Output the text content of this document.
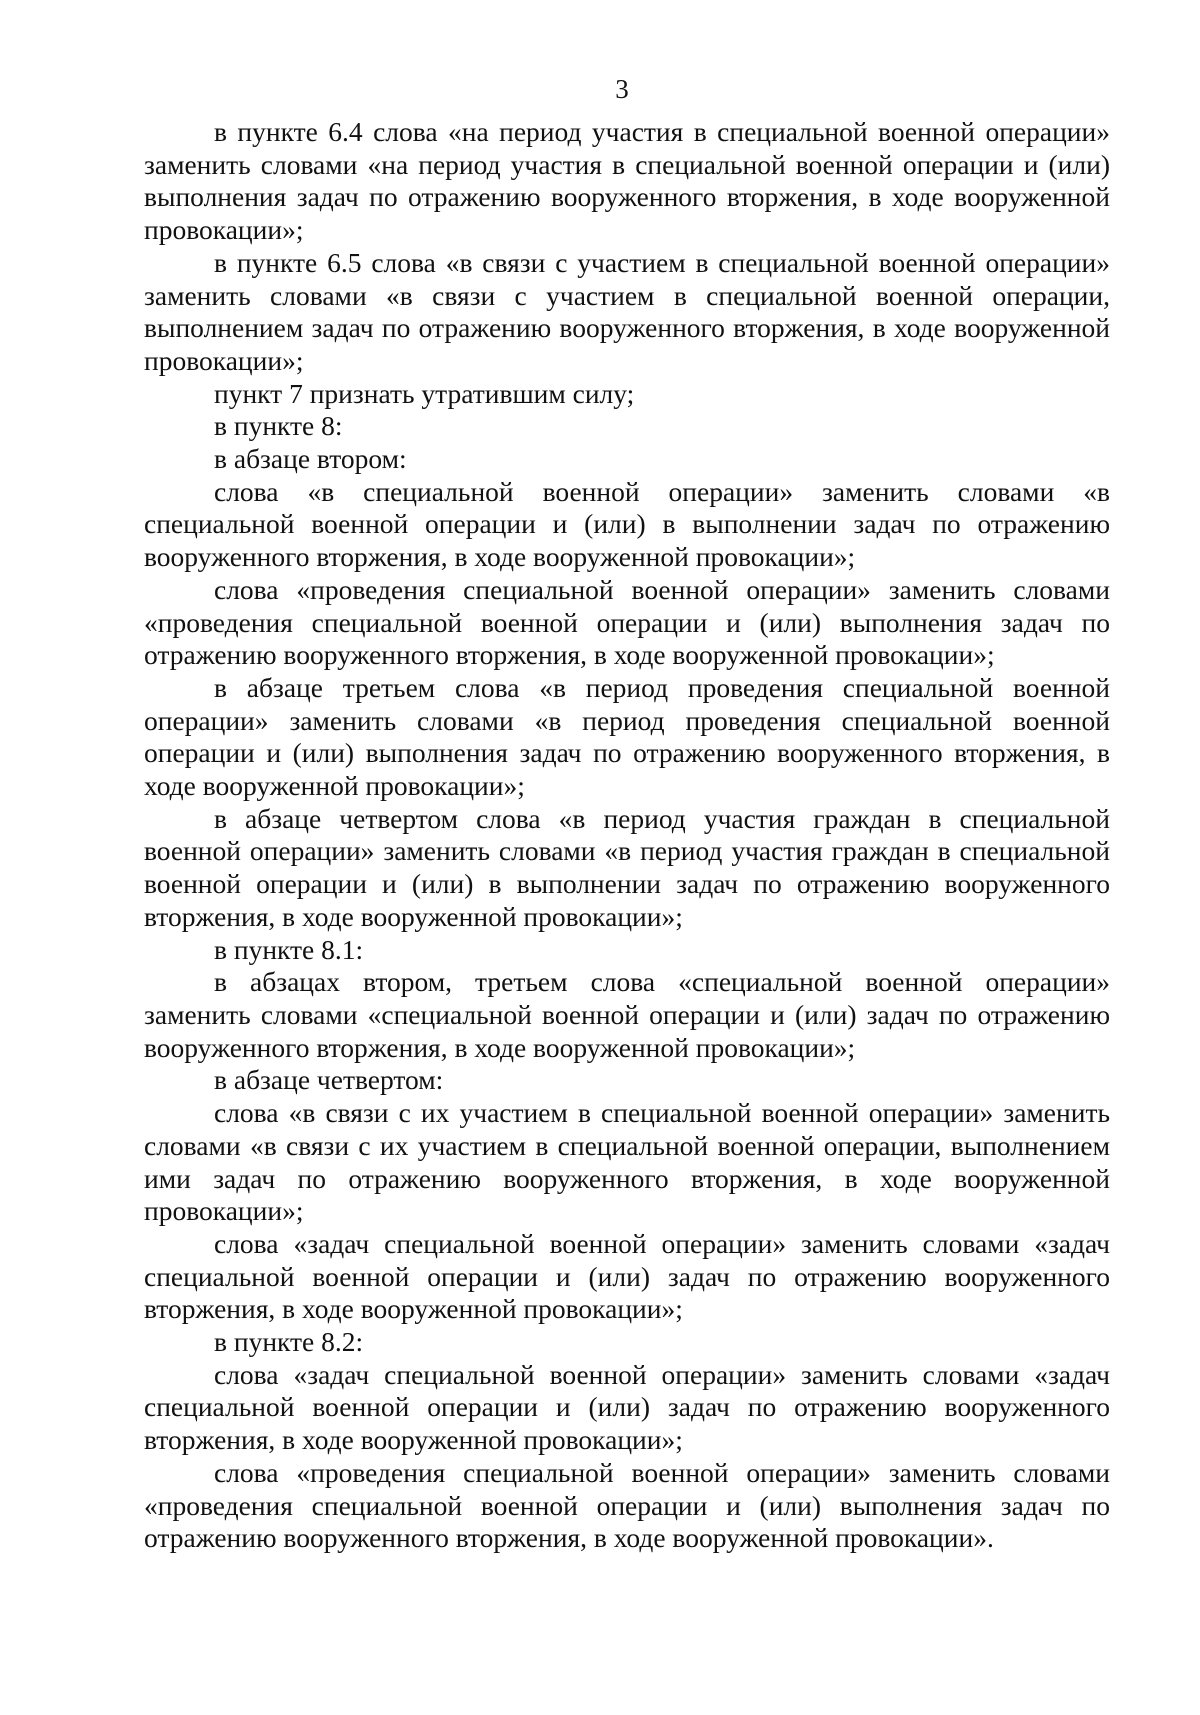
3

в пункте 6.4 слова «на период участия в специальной военной операции» заменить словами «на период участия в специальной военной операции и (или) выполнения задач по отражению вооруженного вторжения, в ходе вооруженной провокации»;

в пункте 6.5 слова «в связи с участием в специальной военной операции» заменить словами «в связи с участием в специальной военной операции, выполнением задач по отражению вооруженного вторжения, в ходе вооруженной провокации»;

пункт 7 признать утратившим силу;

в пункте 8:

в абзаце втором:

слова «в специальной военной операции» заменить словами «в специальной военной операции и (или) в выполнении задач по отражению вооруженного вторжения, в ходе вооруженной провокации»;

слова «проведения специальной военной операции» заменить словами «проведения специальной военной операции и (или) выполнения задач по отражению вооруженного вторжения, в ходе вооруженной провокации»;

в абзаце третьем слова «в период проведения специальной военной операции» заменить словами «в период проведения специальной военной операции и (или) выполнения задач по отражению вооруженного вторжения, в ходе вооруженной провокации»;

в абзаце четвертом слова «в период участия граждан в специальной военной операции» заменить словами «в период участия граждан в специальной военной операции и (или) в выполнении задач по отражению вооруженного вторжения, в ходе вооруженной провокации»;

в пункте 8.1:

в абзацах втором, третьем слова «специальной военной операции» заменить словами «специальной военной операции и (или) задач по отражению вооруженного вторжения, в ходе вооруженной провокации»;

в абзаце четвертом:

слова «в связи с их участием в специальной военной операции» заменить словами «в связи с их участием в специальной военной операции, выполнением ими задач по отражению вооруженного вторжения, в ходе вооруженной провокации»;

слова «задач специальной военной операции» заменить словами «задач специальной военной операции и (или) задач по отражению вооруженного вторжения, в ходе вооруженной провокации»;

в пункте 8.2:

слова «задач специальной военной операции» заменить словами «задач специальной военной операции и (или) задач по отражению вооруженного вторжения, в ходе вооруженной провокации»;

слова «проведения специальной военной операции» заменить словами «проведения специальной военной операции и (или) выполнения задач по отражению вооруженного вторжения, в ходе вооруженной провокации».
